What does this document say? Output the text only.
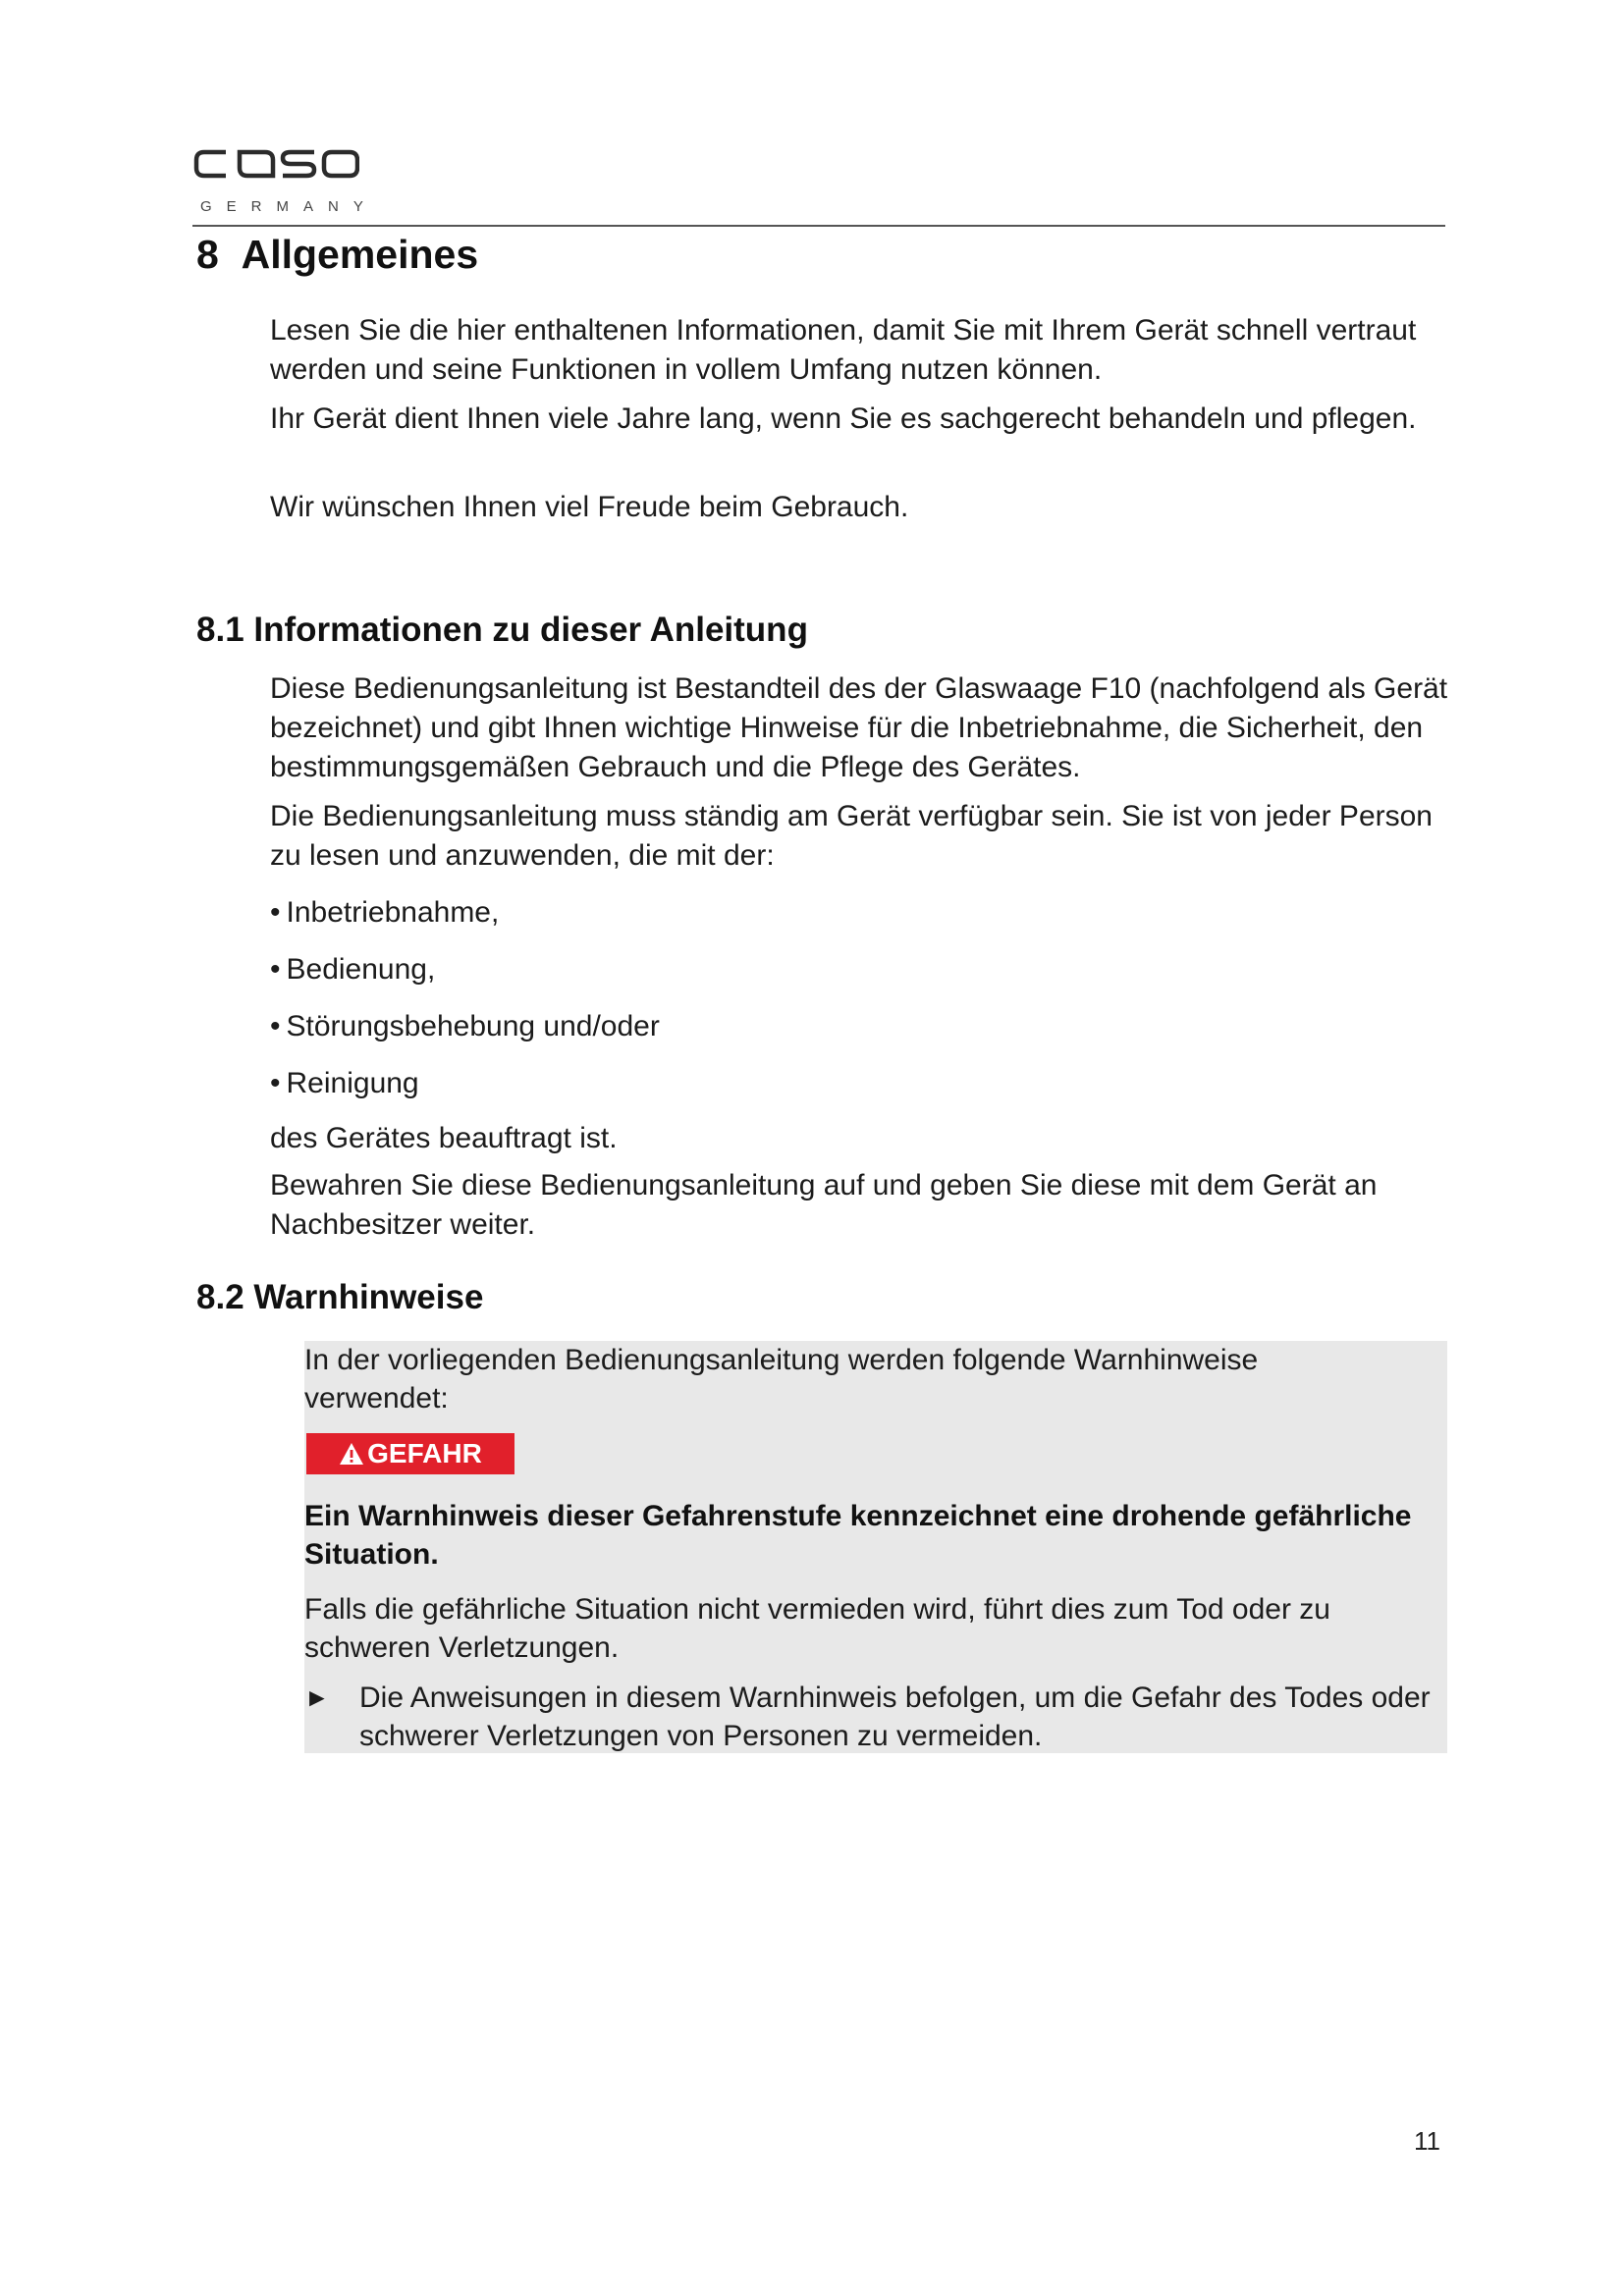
GERMANY
8 Allgemeines

Lesen Sie die hier enthaltenen Informationen, damit Sie mit Ihrem Gerät schnell vertraut werden und seine Funktionen in vollem Umfang nutzen können.

Ihr Gerät dient Ihnen viele Jahre lang, wenn Sie es sachgerecht behandeln und pflegen.

Wir wünschen Ihnen viel Freude beim Gebrauch.

8.1 Informationen zu dieser Anleitung

Diese Bedienungsanleitung ist Bestandteil des der Glaswaage F10 (nachfolgend als Gerät bezeichnet) und gibt Ihnen wichtige Hinweise für die Inbetriebnahme, die Sicherheit, den bestimmungsgemäßen Gebrauch und die Pflege des Gerätes.

Die Bedienungsanleitung muss ständig am Gerät verfügbar sein. Sie ist von jeder Person zu lesen und anzuwenden, die mit der:

• Inbetriebnahme,
• Bedienung,
• Störungsbehebung und/oder
• Reinigung

des Gerätes beauftragt ist.

Bewahren Sie diese Bedienungsanleitung auf und geben Sie diese mit dem Gerät an Nachbesitzer weiter.

8.2 Warnhinweise

In der vorliegenden Bedienungsanleitung werden folgende Warnhinweise verwendet:

GEFAHR

Ein Warnhinweis dieser Gefahrenstufe kennzeichnet eine drohende gefährliche Situation.

Falls die gefährliche Situation nicht vermieden wird, führt dies zum Tod oder zu schweren Verletzungen.

►	Die Anweisungen in diesem Warnhinweis befolgen, um die Gefahr des Todes oder schwerer Verletzungen von Personen zu vermeiden.
11
